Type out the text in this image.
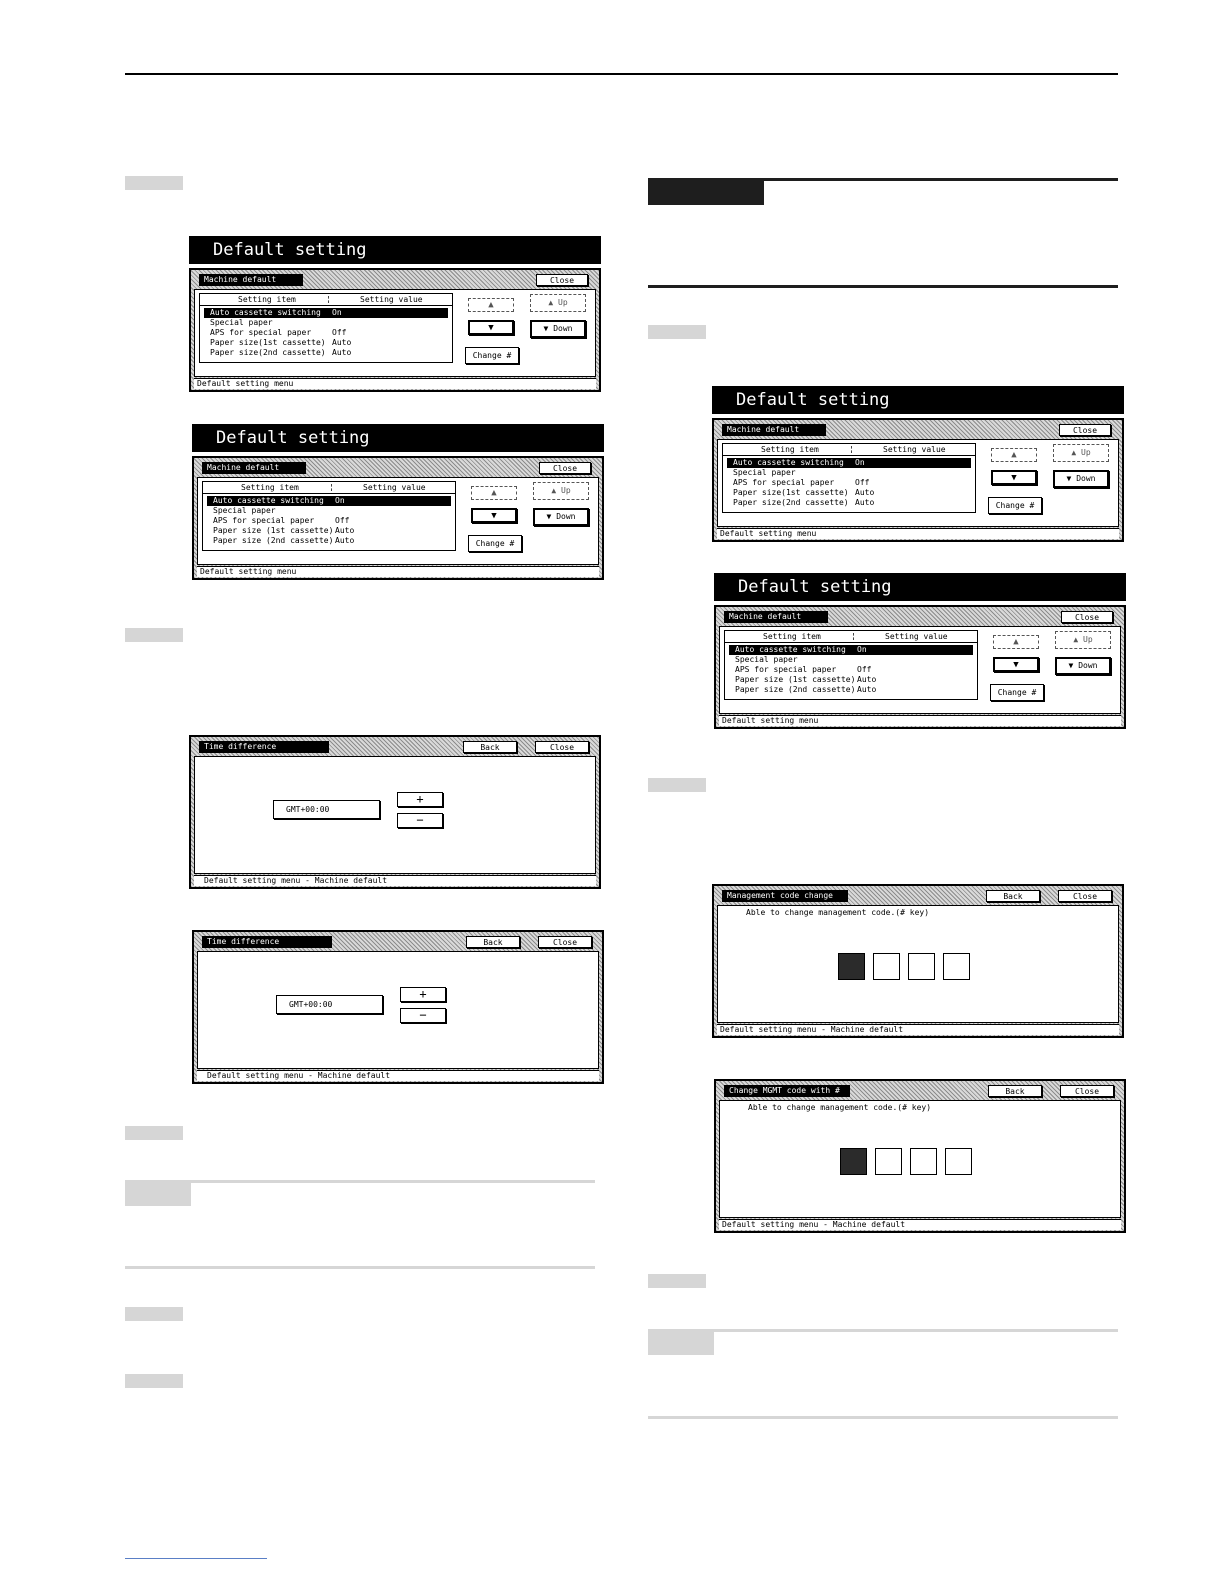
Default setting
Machine default	Close
Setting item	Setting value
Auto cassette switching On
Special paper
APS for special paper	Off
Paper size(1st cassette) Auto
Paper size(2nd cassette) Auto
▲
▼
▲ Up
▼ Down
Change #
Default setting menu
Default setting
Machine default	Close
Setting item	Setting value
Auto cassette switching On
Special paper
APS for special paper	Off
Paper size (1st cassette) Auto
Paper size (2nd cassette) Auto
▲
▼
▲ Up
▼ Down
Change #
Default setting menu
Time difference	Back	Close
GMT+00:00
+
−
Default setting menu - Machine default
Time difference	Back	Close
GMT+00:00
+
−
Default setting menu - Machine default
Default setting
Machine default	Close
Setting item	Setting value
Auto cassette switching On
Special paper
APS for special paper	Off
Paper size(1st cassette) Auto
Paper size(2nd cassette) Auto
▲
▼
▲ Up
▼ Down
Change #
Default setting menu
Default setting
Machine default	Close
Setting item	Setting value
Auto cassette switching On
Special paper
APS for special paper	Off
Paper size (1st cassette) Auto
Paper size (2nd cassette) Auto
▲
▼
▲ Up
▼ Down
Change #
Default setting menu
Management code change	Back	Close
Able to change management code.(# key)
Default setting menu - Machine default
Change MGMT code with #	Back	Close
Able to change management code.(# key)
Default setting menu - Machine default
